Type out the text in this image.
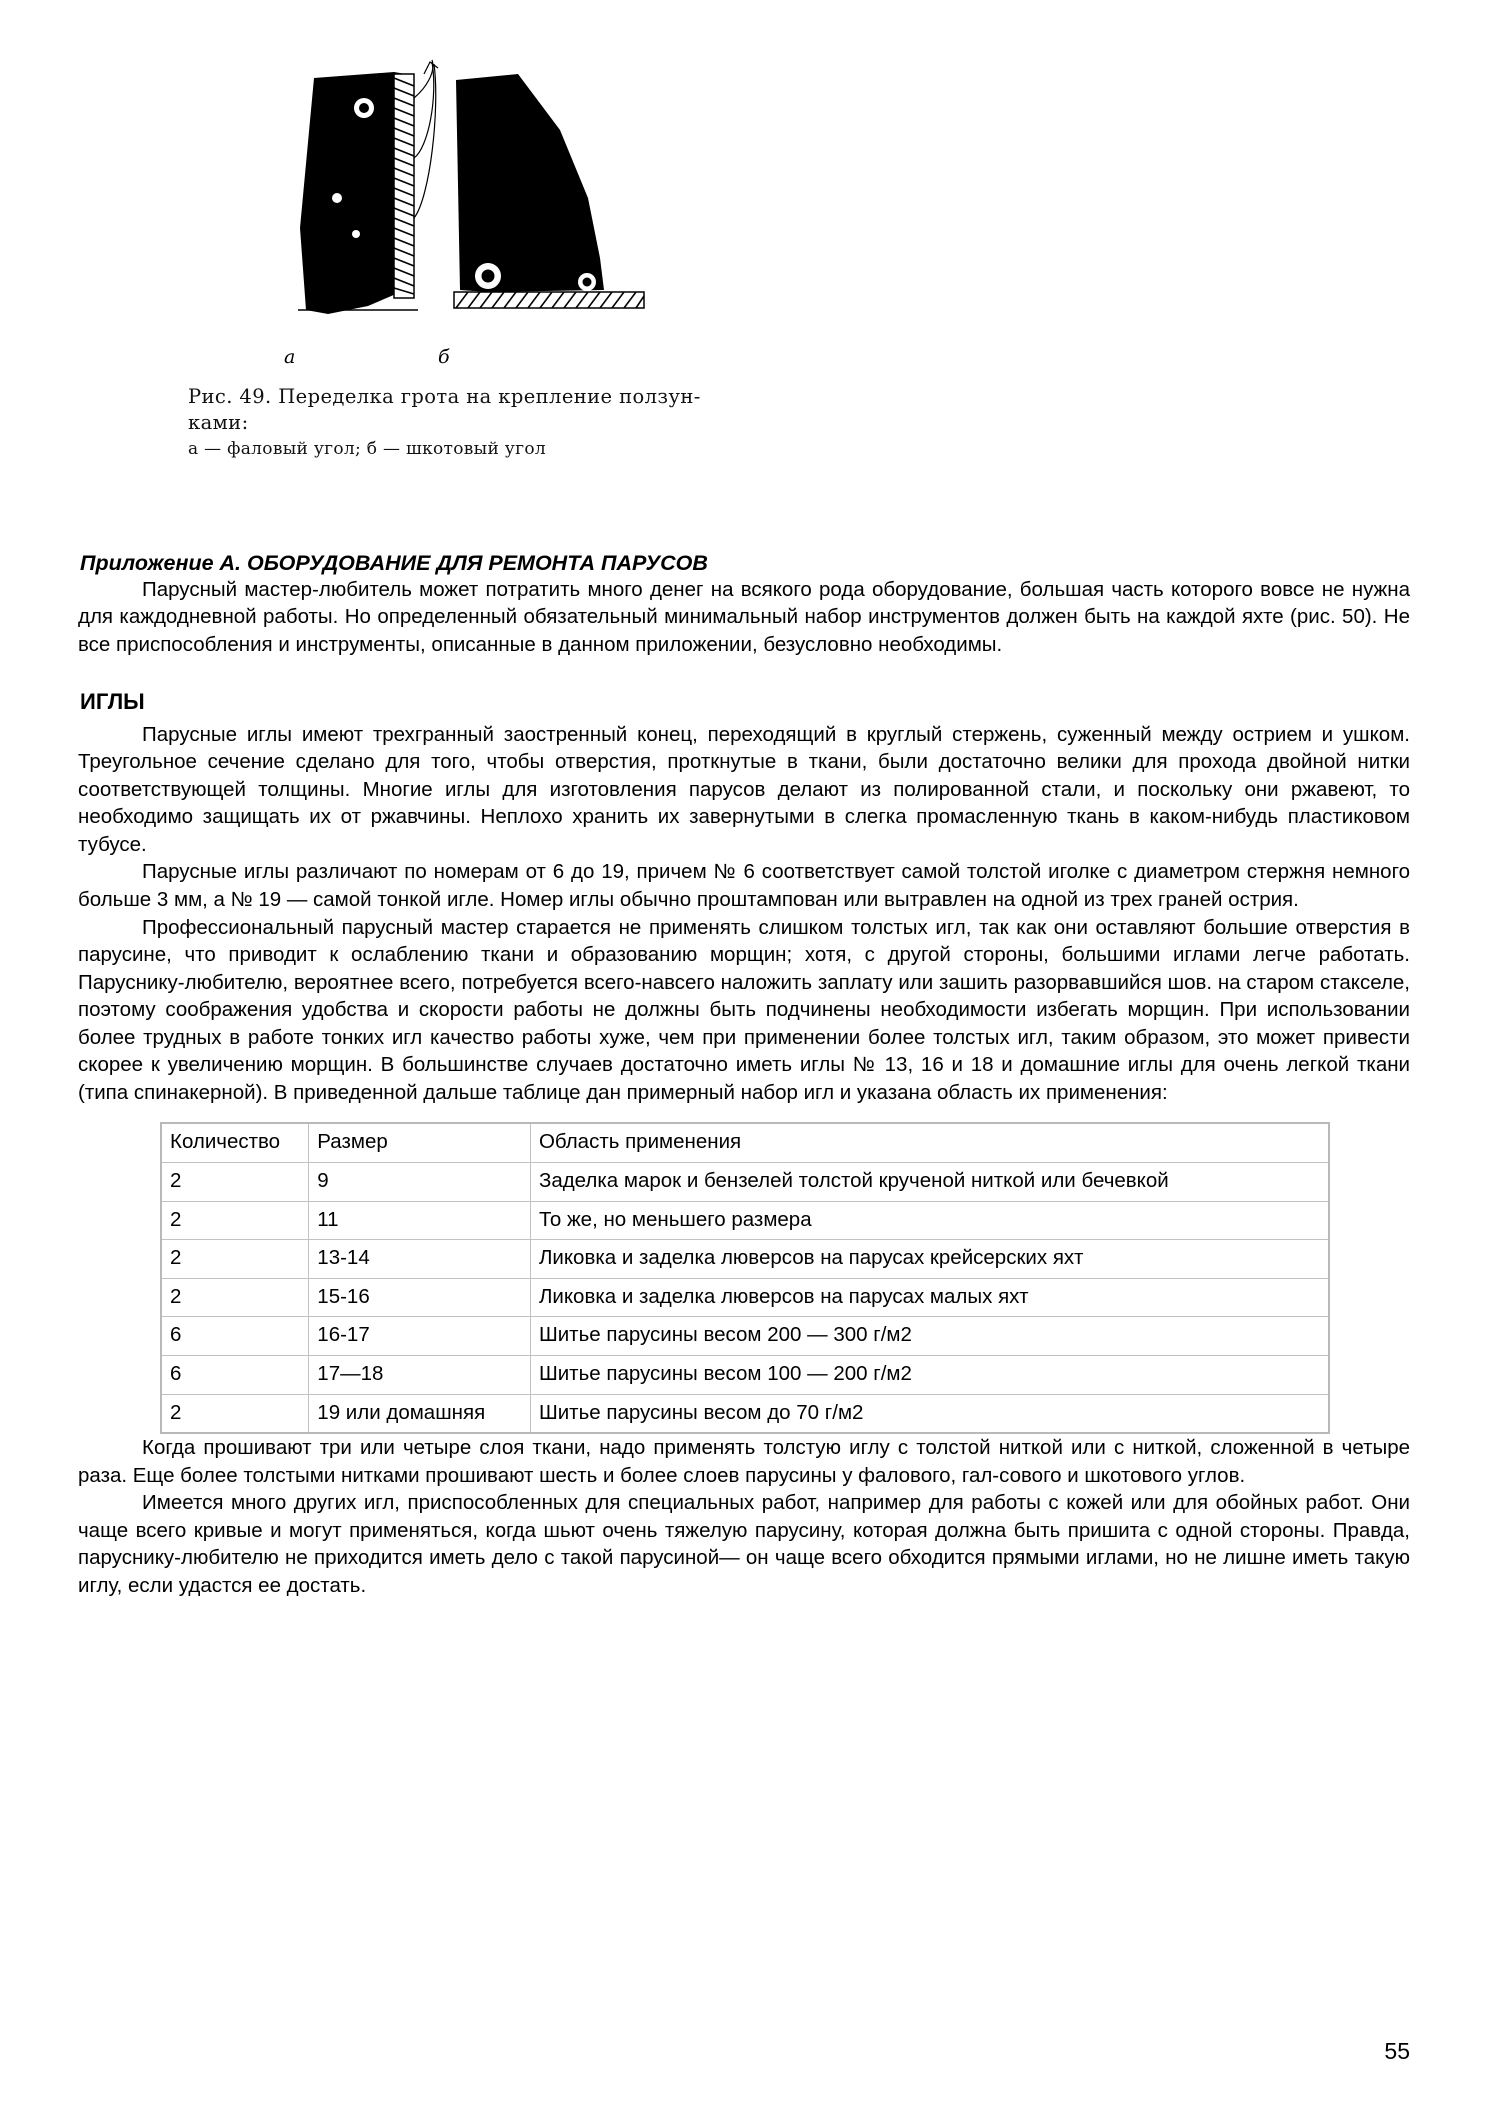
а	б
Рис. 49. Переделка грота на крепление ползун-
ками:
а — фаловый угол; б — шкотовый угол
Приложение А. ОБОРУДОВАНИЕ ДЛЯ РЕМОНТА ПАРУСОВ

Парусный мастер-любитель может потратить много денег на всякого рода оборудование, большая часть которого вовсе не нужна для каждодневной работы. Но определенный обязательный минимальный набор инструментов должен быть на каждой яхте (рис. 50). Не все приспособления и инструменты, описанные в данном приложении, безусловно необходимы.

ИГЛЫ

Парусные иглы имеют трехгранный заостренный конец, переходящий в круглый стержень, суженный между острием и ушком. Треугольное сечение сделано для того, чтобы отверстия, проткнутые в ткани, были достаточно велики для прохода двойной нитки соответствующей толщины. Многие иглы для изготовления парусов делают из полированной стали, и поскольку они ржавеют, то необходимо защищать их от ржавчины. Неплохо хранить их завернутыми в слегка промасленную ткань в каком-нибудь пластиковом тубусе.

Парусные иглы различают по номерам от 6 до 19, причем № 6 соответствует самой толстой иголке с диаметром стержня немного больше 3 мм, а № 19 — самой тонкой игле. Номер иглы обычно проштампован или вытравлен на одной из трех граней острия.

Профессиональный парусный мастер старается не применять слишком толстых игл, так как они оставляют большие отверстия в парусине, что приводит к ослаблению ткани и образованию морщин; хотя, с другой стороны, большими иглами легче работать. Паруснику-любителю, вероятнее всего, потребуется всего-навсего наложить заплату или зашить разорвавшийся шов. на старом стакселе, поэтому соображения удобства и скорости работы не должны быть подчинены необходимости избегать морщин. При использовании более трудных в работе тонких игл качество работы хуже, чем при применении более толстых игл, таким образом, это может привести скорее к увеличению морщин. В большинстве случаев достаточно иметь иглы № 13, 16 и 18 и домашние иглы для очень легкой ткани (типа спинакерной). В приведенной дальше таблице дан примерный набор игл и указана область их применения:

Количество	Размер	Область применения
2	9	Заделка марок и бензелей толстой крученой ниткой или бечевкой
2	11	То же, но меньшего размера
2	13-14	Ликовка и заделка люверсов на парусах крейсерских яхт
2	15-16	Ликовка и заделка люверсов на парусах малых яхт
6	16-17	Шитье парусины весом 200 — 300 г/м2
6	17—18	Шитье парусины весом 100 — 200 г/м2
2	19 или домашняя	Шитье парусины весом до 70 г/м2

Когда прошивают три или четыре слоя ткани, надо применять толстую иглу с толстой ниткой или с ниткой, сложенной в четыре раза. Еще более толстыми нитками прошивают шесть и более слоев парусины у фалового, гал-сового и шкотового углов.

Имеется много других игл, приспособленных для специальных работ, например для работы с кожей или для обойных работ. Они чаще всего кривые и могут применяться, когда шьют очень тяжелую парусину, которая должна быть пришита с одной стороны. Правда, паруснику-любителю не приходится иметь дело с такой парусиной— он чаще всего обходится прямыми иглами, но не лишне иметь такую иглу, если удастся ее достать.

55
